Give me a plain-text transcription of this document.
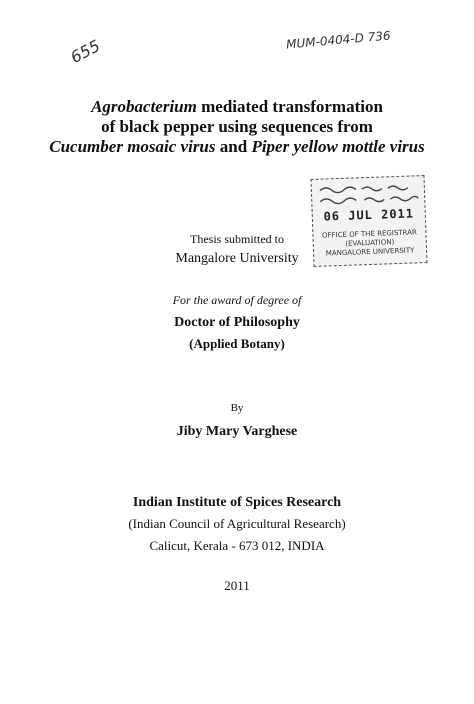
655	MUM-0404-D 736
Agrobacterium mediated transformation
of black pepper using sequences from
Cucumber mosaic virus and Piper yellow mottle virus
06 JUL 2011
OFFICE OF THE REGISTRAR
(EVALUATION)
MANGALORE UNIVERSITY
Thesis submitted to
Mangalore University
For the award of degree of
Doctor of Philosophy
(Applied Botany)
By
Jiby Mary Varghese
Indian Institute of Spices Research
(Indian Council of Agricultural Research)
Calicut, Kerala - 673 012, INDIA
2011
